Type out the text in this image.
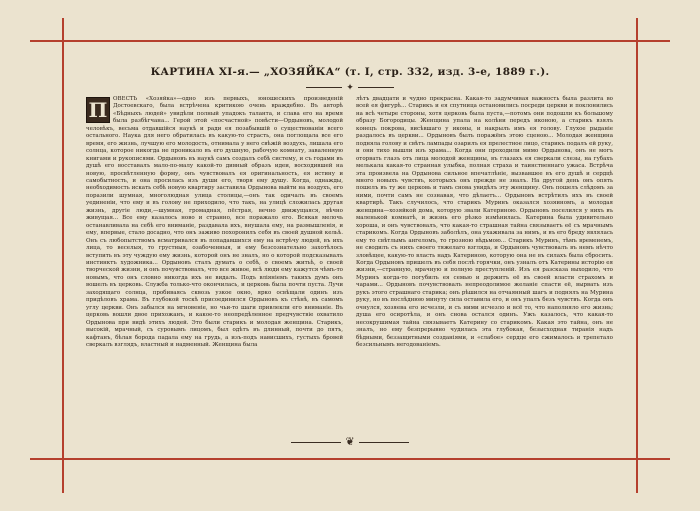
КАРТИНА XI-я.— „ХОЗЯЙКА“ (т. I, стр. 332, изд. 3-е, 1889 г.).
✦
П	ОВЕСТЬ «Хозяйка»—одно изъ первыхъ, юношескихъ произведеній Достоевскаго, была встрѣчена критикою очень враждебно. Въ авторѣ «Бѣдныхъ людей» увидѣли полный упадокъ таланта, и слава его на время была разбѣгчана... Герой этой «посчастной» повѣсти—Ордыновъ, молодой человѣкъ, весьма отдавшійся наукѣ и ради ея позабывшій о существованіи всего остального. Наука для него обратилась въ какую-то страсть, она поглощала все его время, его жизнь, лучшую его молодость, отнимала у него свѣжій воздухъ, лишала его солнца, которое никогда не проникало въ его душную, рабочую комнату, заваленную книгами и рукописями. Ордыновъ въ наукѣ самъ создалъ себѣ систему, и съ годами въ душѣ его восставалъ мало-по-малу какой-то дивный образъ идеи, восходившей на новую, просвѣтленную форму, онъ чувствовалъ ея оригинальность, ея истину и самобытность, и она просилась изъ души его, творя ему душу. Когда, однажды, необходимость искать себѣ новую квартиру заставила Ордынова выйти на воздухъ, его поразили шумная, многолюдная улица столицы,—онъ так одичалъ въ своемъ уединеніи, что ему и въ голову не приходило, что такъ, на улицѣ сложилась другая жизнь, другіе люди,—шумная, громадная, пёстрая, вечно движущаяся, вѣчно живущая... Все ему казалось ново и странно, все поражало его. Всякая мелочь останавливала на себѣ его вниманіе, раздавала ихъ, внушала ему, на размышленія, и ему, впервые, стало досадно, что онъ заживо похоронилъ себя въ своей душной кельѣ. Онъ съ любопытствомъ всматривался въ попадавшихся ему на встрѣчу людей, въ ихъ лица, то веселыя, то грустныя, озабоченныя, и ему безсознательно захотѣлось вступить въ эту чуждую ему жизнь, которой онъ не зналъ, но о которой подсказывалъ инстинктъ художника... Ордыновъ сталъ думать о себѣ, о своемъ житьѣ, о своей творческой жизни, и онъ почувствовалъ, что все живое, всѣ люди ему кажутся чѣмъ-то новымъ, что онъ словно никогда ихъ не видалъ. Подъ вліяніемъ такихъ думъ онъ вошелъ въ церковь. Служба только-что окончилась, и церковь была почти пуста. Лучи заходящаго солнца, пробиваясь сквозь узкое окно, ярко освѣщали одинъ изъ придѣловъ храма. Въ глубокой тоскѣ присоединился Ордыновъ къ стѣнѣ, въ самомъ углу церкви. Онъ забылся на мгновеніе, но чьи-то шаги привлекли его вниманіе. Въ церковь вошли двое прихожанъ, и какое-то неопредѣленное предчувствіе охватило Ордынова при видѣ этихъ людей. Это были старикъ и молодая женщина. Старикъ, высокій, мрачный, съ суровымъ лицомъ, был одѣтъ въ длинный, почти до пятъ, кафтанъ, бѣлая борода падала ему на грудь, а изъ-подъ нависшихъ, густыхъ бровей сверкалъ взглядъ, властный и надменный. Женщина была

лѣтъ двадцати и чудно прекрасна. Какая-то задумчивая важность была разлита во всей ея фигурѣ... Старикъ и ея спутница остановились посреди церкви и поклонились на всѣ четыре стороны, хотя церковь была пуста,—потомъ они подошли къ большому образу Богородицы. Женщина упала на колѣни передъ иконою, а старикъ взялъ конецъ покрова, висѣвшаго у иконы, и накрылъ имъ ея голову. Глухое рыданіе раздалось въ церкви... Ордыновъ былъ поражёнъ этою сценою... Молодая женщина подняла голову и свѣтъ лампады озарилъ ея прелестное лицо, старикъ подалъ ей руку, и они тихо вышли изъ храма... Когда они проходили мимо Ордынова, онъ не могъ оторвать глазъ отъ лица молодой женщины, въ глазахъ ея сверкали слезы, на губахъ мелькала какая-то странная улыбка, полная страха и таинственнаго ужаса. Встрѣча эта произвела на Ордынова сильное впечатлѣніе, вызвавшее въ его душѣ и сердцѣ много новыхъ чувствъ, которыхъ онъ прежде не зналъ. На другой день онъ опять пошелъ въ ту же церковь и тамъ снова увидѣлъ эту женщину. Онъ пошелъ слѣдомъ за ними, почти самъ не сознавая, что дѣлаетъ... Ордыновъ встрѣтилъ ихъ въ своей квартирѣ. Такъ случилось, что старикъ Муринъ оказался хозяиномъ, а молодая женщина—хозяйкой дома, которую звали Катериною. Ордыновъ поселился у нихъ въ маленькой комнатѣ, и жизнь его рѣзко измѣнилась. Катерина была удивительно хороша, и онъ чувствовалъ, что какая-то страшная тайна связываетъ её съ мрачнымъ старикомъ. Когда Ордыновъ заболѣлъ, она ухаживала за нимъ, и въ его бреду являлась ему то свѣтлымъ ангеломъ, то грозною вѣдьмою... Старикъ Муринъ, тѣмъ временемъ, не сводилъ съ нихъ своего тяжелаго взгляда, и Ордыновъ чувствовалъ въ немъ нѣчто зловѣщее, какую-то власть надъ Катериною, которую она не въ силахъ была сбросить. Когда Ордыновъ пришелъ въ себя послѣ горячки, онъ узналъ отъ Катерины исторію ея жизни,—странную, мрачную и полную преступленій. Изъ ея разсказа выходило, что Муринъ когда-то погубилъ ея семью и держитъ её въ своей власти страхомъ и чарами... Ордыновъ почувствовалъ непреодолимое желаніе спасти её, вырвать изъ рукъ этого страшнаго старика; онъ рѣшился на отчаянный шагъ и поднялъ на Мурина руку, но въ послѣднюю минуту сила оставила его, и онъ упалъ безъ чувствъ. Когда онъ очнулся, хозяева его исчезли, и съ ними исчезло и всё то, что наполняло его жизнь; душа его осиротѣла, и онъ снова остался одинъ. Ужъ казалось, что какая-то несокрушимая тайна связываетъ Катерину со старикомъ. Какая это тайна, онъ не зналъ, но ему безпрерывно чудилась эта глубокая, безысходная тиранія надъ бѣдными, беззащитными созданіями, и «слабое» сердце его сжималось и трепетало безсильнымъ негодованіемъ.

❦
